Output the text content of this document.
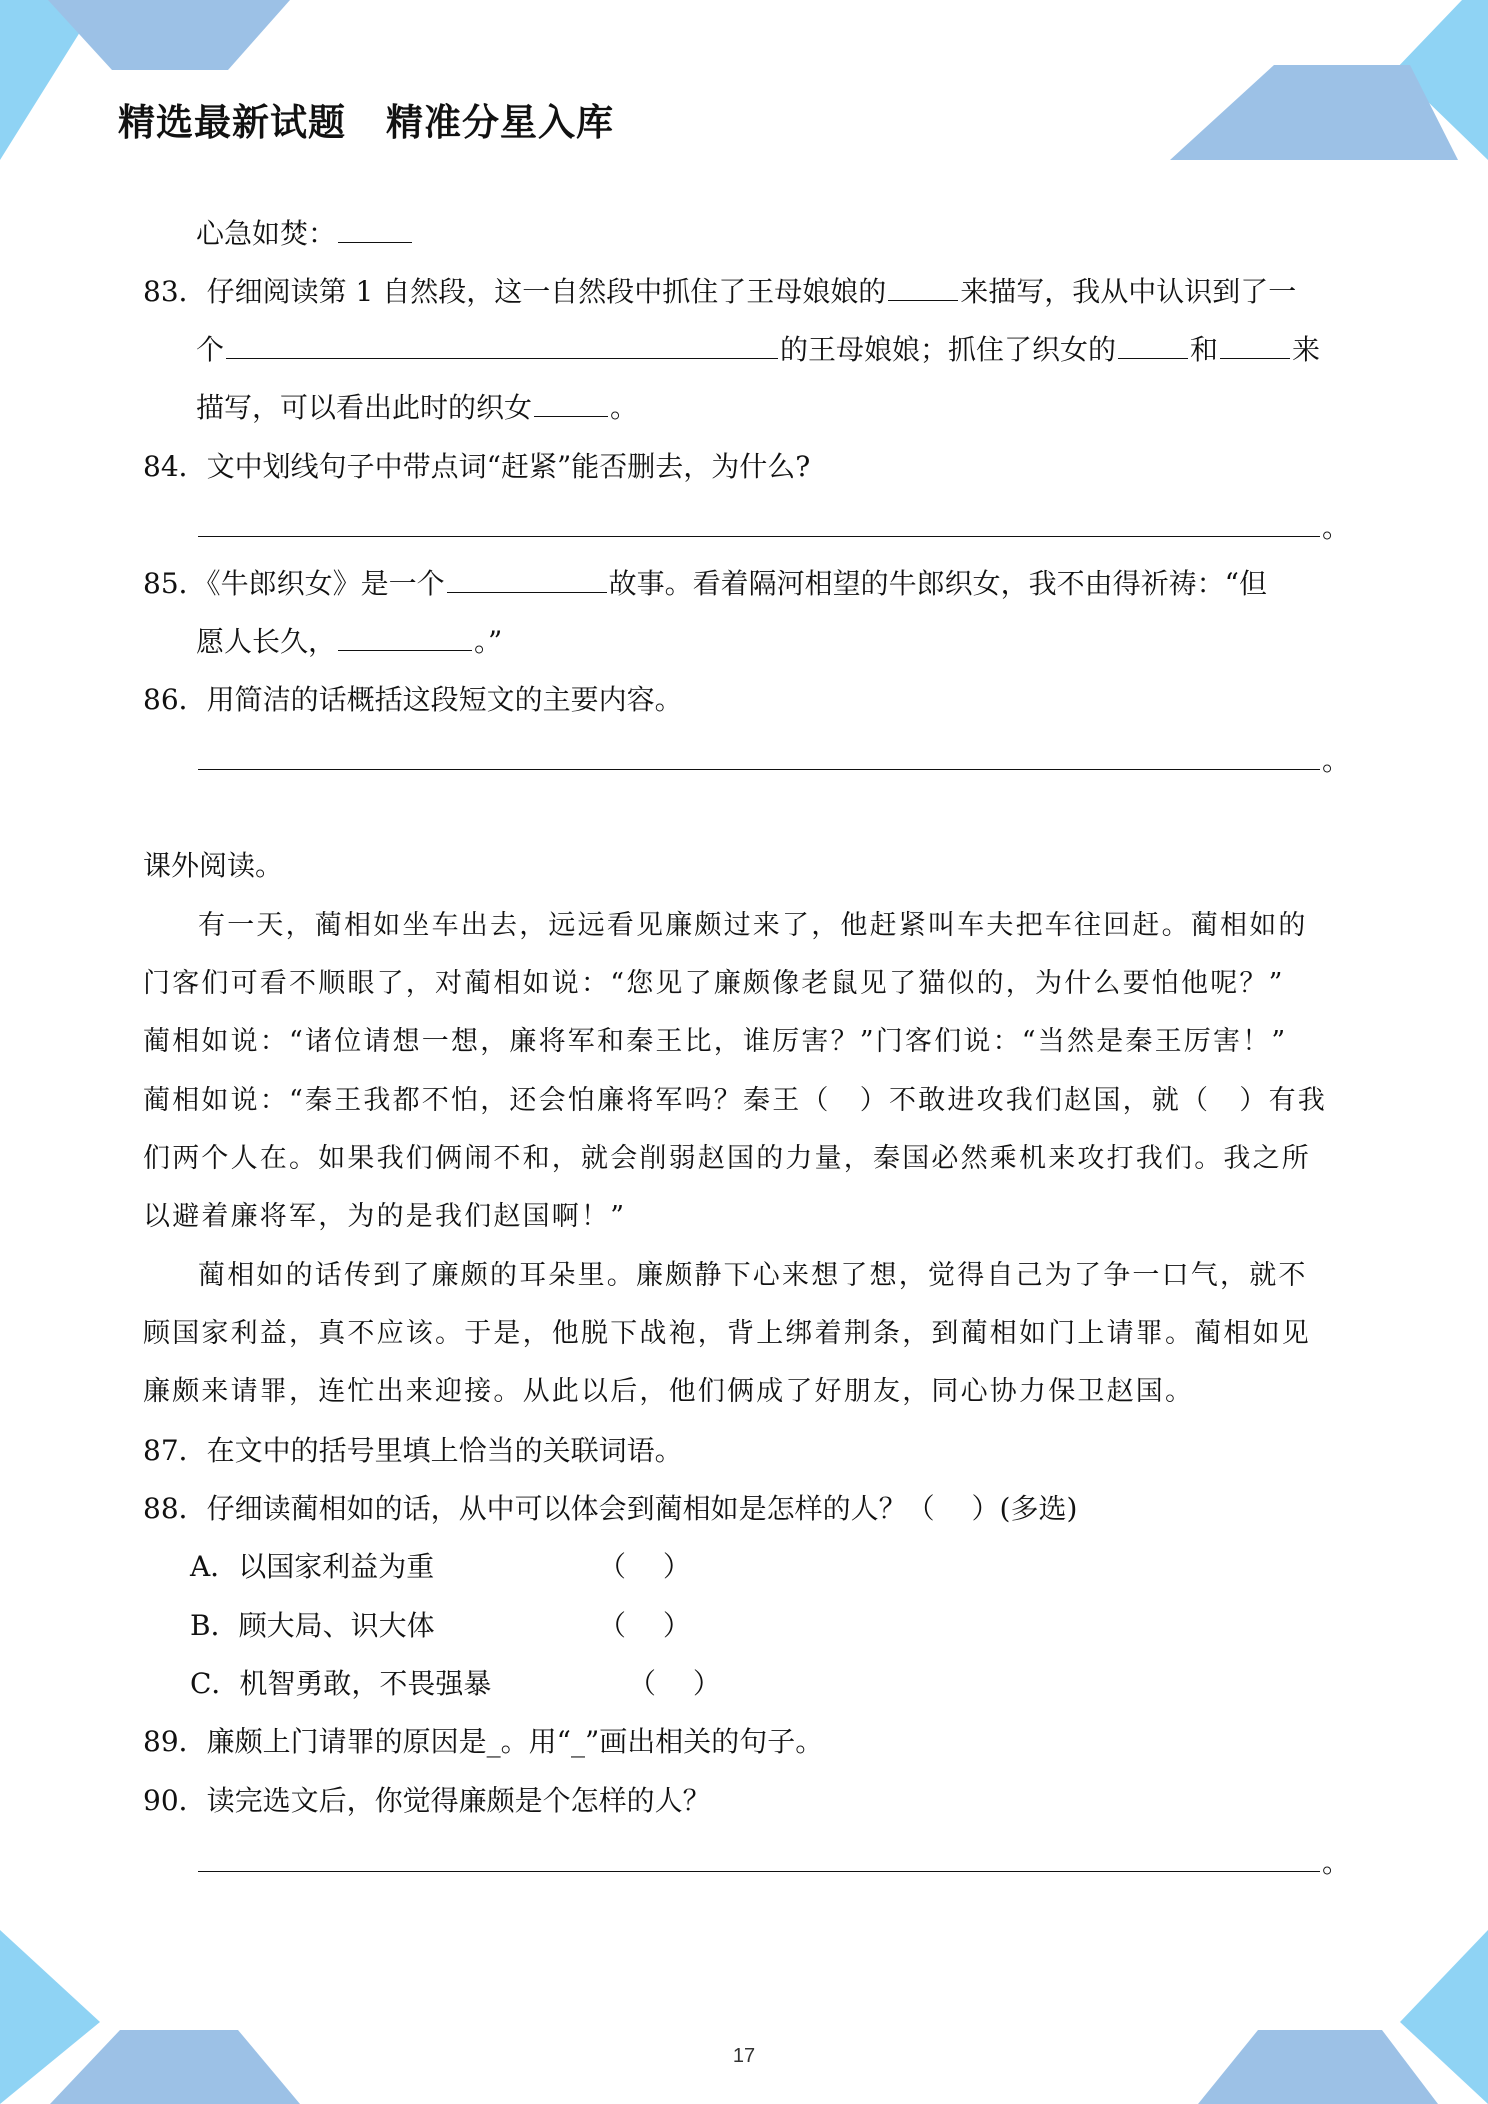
精选最新试题 精准分星入库
心急如焚：
83．仔细阅读第 1 自然段，这一自然段中抓住了王母娘娘的	来描写，我从中认识到了一
个	的王母娘娘；抓住了织女的	和	来
描写，可以看出此时的织女	。
84．文中划线句子中带点词“赶紧”能否删去，为什么?
。
85．《牛郎织女》是一个	故事。看着隔河相望的牛郎织女，我不由得祈祷：“但
愿人长久，	。”
86．用简洁的话概括这段短文的主要内容。
。
课外阅读。
有一天，蔺相如坐车出去，远远看见廉颇过来了，他赶紧叫车夫把车往回赶。蔺相如的
门客们可看不顺眼了，对蔺相如说：“您见了廉颇像老鼠见了猫似的，为什么要怕他呢？”
蔺相如说：“诸位请想一想，廉将军和秦王比，谁厉害？”门客们说：“当然是秦王厉害！”
蔺相如说：“秦王我都不怕，还会怕廉将军吗？秦王（　）不敢进攻我们赵国，就（　）有我
们两个人在。如果我们俩闹不和，就会削弱赵国的力量，秦国必然乘机来攻打我们。我之所
以避着廉将军，为的是我们赵国啊！”
蔺相如的话传到了廉颇的耳朵里。廉颇静下心来想了想，觉得自己为了争一口气，就不
顾国家利益，真不应该。于是，他脱下战袍，背上绑着荆条，到蔺相如门上请罪。蔺相如见
廉颇来请罪，连忙出来迎接。从此以后，他们俩成了好朋友，同心协力保卫赵国。
87．在文中的括号里填上恰当的关联词语。
88．仔细读蔺相如的话，从中可以体会到蔺相如是怎样的人？（　 ）(多选)
A．以国家利益为重	（　 ）
B．顾大局、识大体	（　 ）
C．机智勇敢，不畏强暴	（　 ）
89．廉颇上门请罪的原因是_。用“_”画出相关的句子。
90．读完选文后，你觉得廉颇是个怎样的人？
。
17
